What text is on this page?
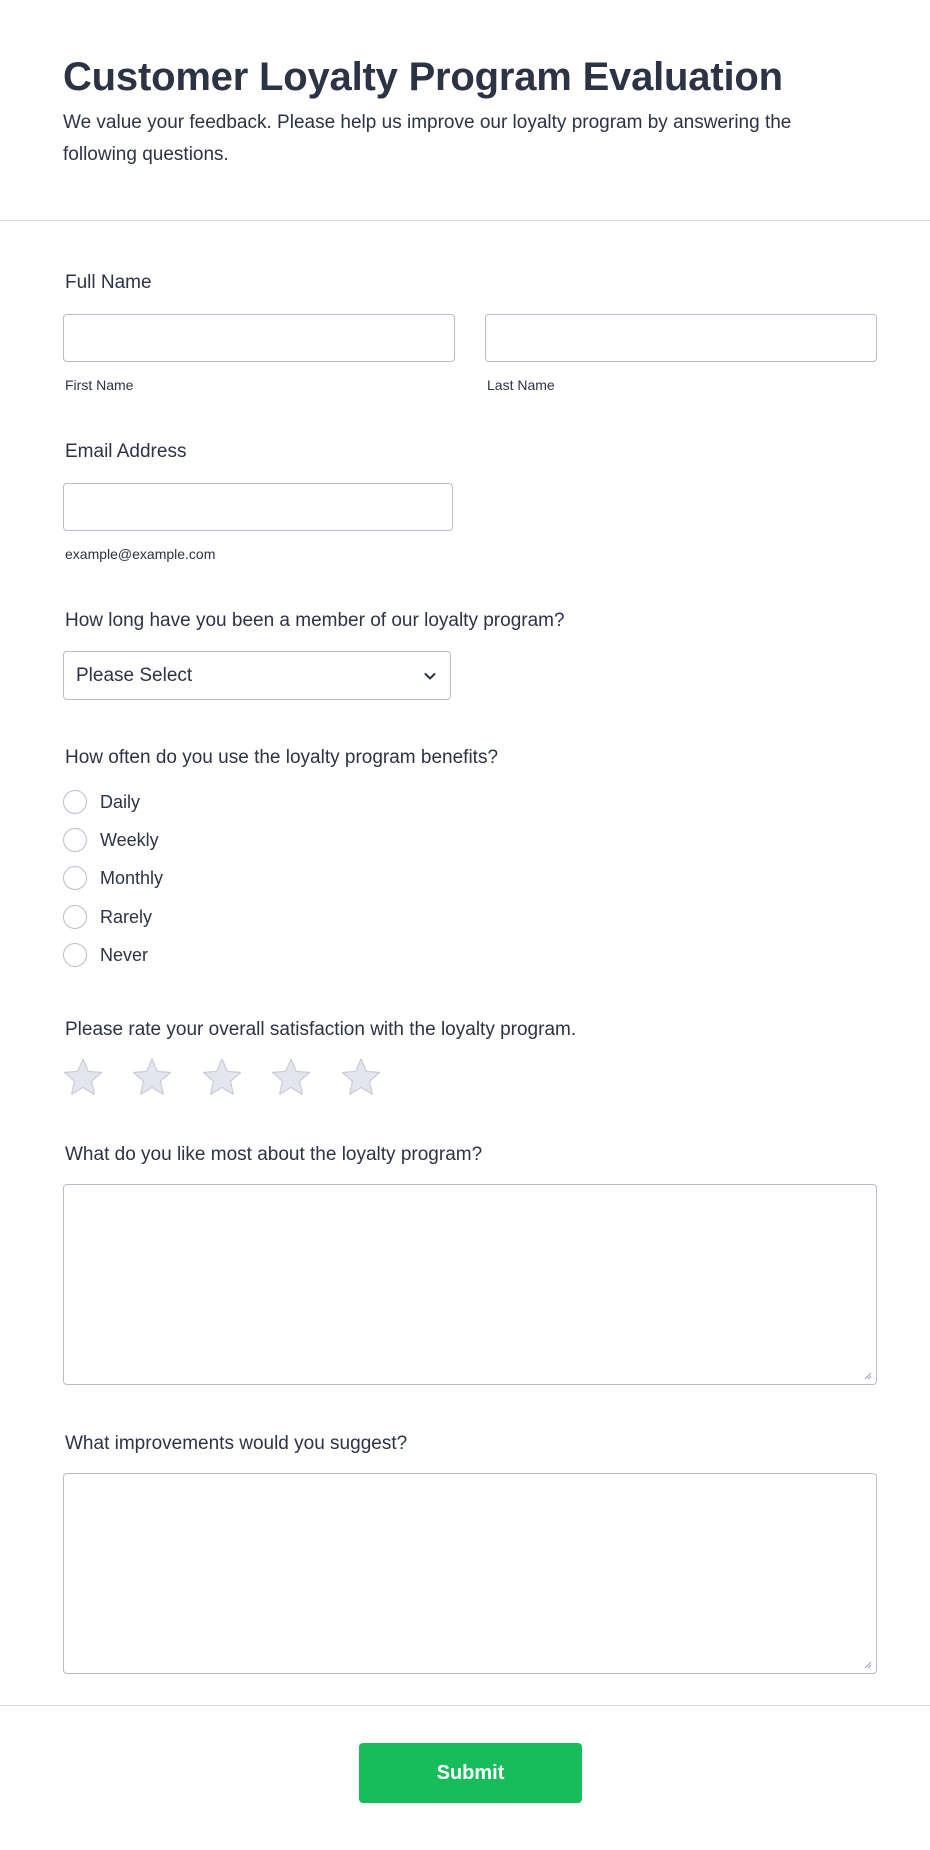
Customer Loyalty Program Evaluation
We value your feedback. Please help us improve our loyalty program by answering the following questions.
Full Name
First Name	Last Name
Email Address
example@example.com
How long have you been a member of our loyalty program?
Please Select
How often do you use the loyalty program benefits?
Daily
Weekly
Monthly
Rarely
Never
Please rate your overall satisfaction with the loyalty program.
What do you like most about the loyalty program?
What improvements would you suggest?
Submit
